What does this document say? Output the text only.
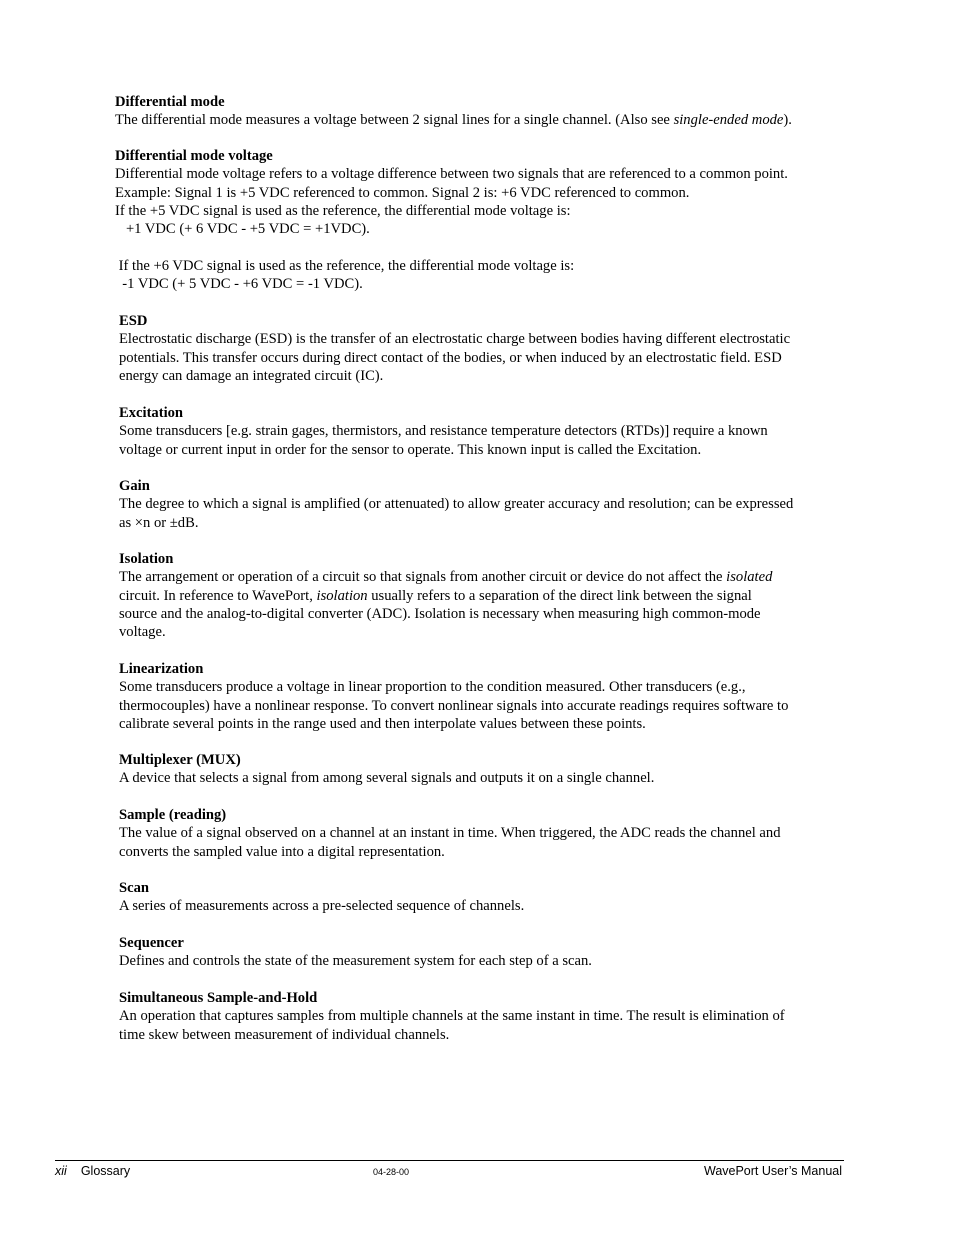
Differential mode
The differential mode measures a voltage between 2 signal lines for a single channel. (Also see single-ended mode).
Differential mode voltage
Differential mode voltage refers to a voltage difference between two signals that are referenced to a common point.
Example: Signal 1 is +5 VDC referenced to common. Signal 2 is: +6 VDC referenced to common.
If the +5 VDC signal is used as the reference, the differential mode voltage is:
+1 VDC (+ 6 VDC - +5 VDC = +1VDC).
If the +6 VDC signal is used as the reference, the differential mode voltage is:
-1 VDC (+ 5 VDC - +6 VDC = -1 VDC).
ESD
Electrostatic discharge (ESD) is the transfer of an electrostatic charge between bodies having different electrostatic
potentials. This transfer occurs during direct contact of the bodies, or when induced by an electrostatic field. ESD
energy can damage an integrated circuit (IC).
Excitation
Some transducers [e.g. strain gages, thermistors, and resistance temperature detectors (RTDs)] require a known
voltage or current input in order for the sensor to operate. This known input is called the Excitation.
Gain
The degree to which a signal is amplified (or attenuated) to allow greater accuracy and resolution; can be expressed
as ×n or ±dB.
Isolation
The arrangement or operation of a circuit so that signals from another circuit or device do not affect the isolated
circuit. In reference to WavePort, isolation usually refers to a separation of the direct link between the signal
source and the analog-to-digital converter (ADC). Isolation is necessary when measuring high common-mode
voltage.
Linearization
Some transducers produce a voltage in linear proportion to the condition measured. Other transducers (e.g.,
thermocouples) have a nonlinear response. To convert nonlinear signals into accurate readings requires software to
calibrate several points in the range used and then interpolate values between these points.
Multiplexer (MUX)
A device that selects a signal from among several signals and outputs it on a single channel.
Sample (reading)
The value of a signal observed on a channel at an instant in time. When triggered, the ADC reads the channel and
converts the sampled value into a digital representation.
Scan
A series of measurements across a pre-selected sequence of channels.
Sequencer
Defines and controls the state of the measurement system for each step of a scan.
Simultaneous Sample-and-Hold
An operation that captures samples from multiple channels at the same instant in time. The result is elimination of
time skew between measurement of individual channels.
xii Glossary	04-28-00	WavePort User’s Manual
